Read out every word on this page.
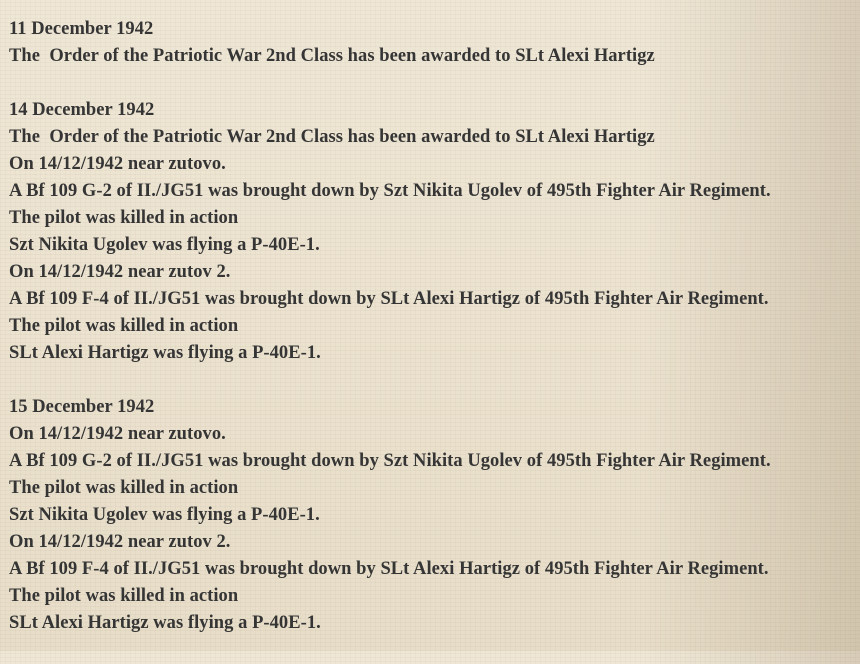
11 December 1942
The  Order of the Patriotic War 2nd Class has been awarded to SLt Alexi Hartigz
14 December 1942
The  Order of the Patriotic War 2nd Class has been awarded to SLt Alexi Hartigz
On 14/12/1942 near zutovo.
A Bf 109 G-2 of II./JG51 was brought down by Szt Nikita Ugolev of 495th Fighter Air Regiment.
The pilot was killed in action
Szt Nikita Ugolev was flying a P-40E-1.
On 14/12/1942 near zutov 2.
A Bf 109 F-4 of II./JG51 was brought down by SLt Alexi Hartigz of 495th Fighter Air Regiment.
The pilot was killed in action
SLt Alexi Hartigz was flying a P-40E-1.
15 December 1942
On 14/12/1942 near zutovo.
A Bf 109 G-2 of II./JG51 was brought down by Szt Nikita Ugolev of 495th Fighter Air Regiment.
The pilot was killed in action
Szt Nikita Ugolev was flying a P-40E-1.
On 14/12/1942 near zutov 2.
A Bf 109 F-4 of II./JG51 was brought down by SLt Alexi Hartigz of 495th Fighter Air Regiment.
The pilot was killed in action
SLt Alexi Hartigz was flying a P-40E-1.
